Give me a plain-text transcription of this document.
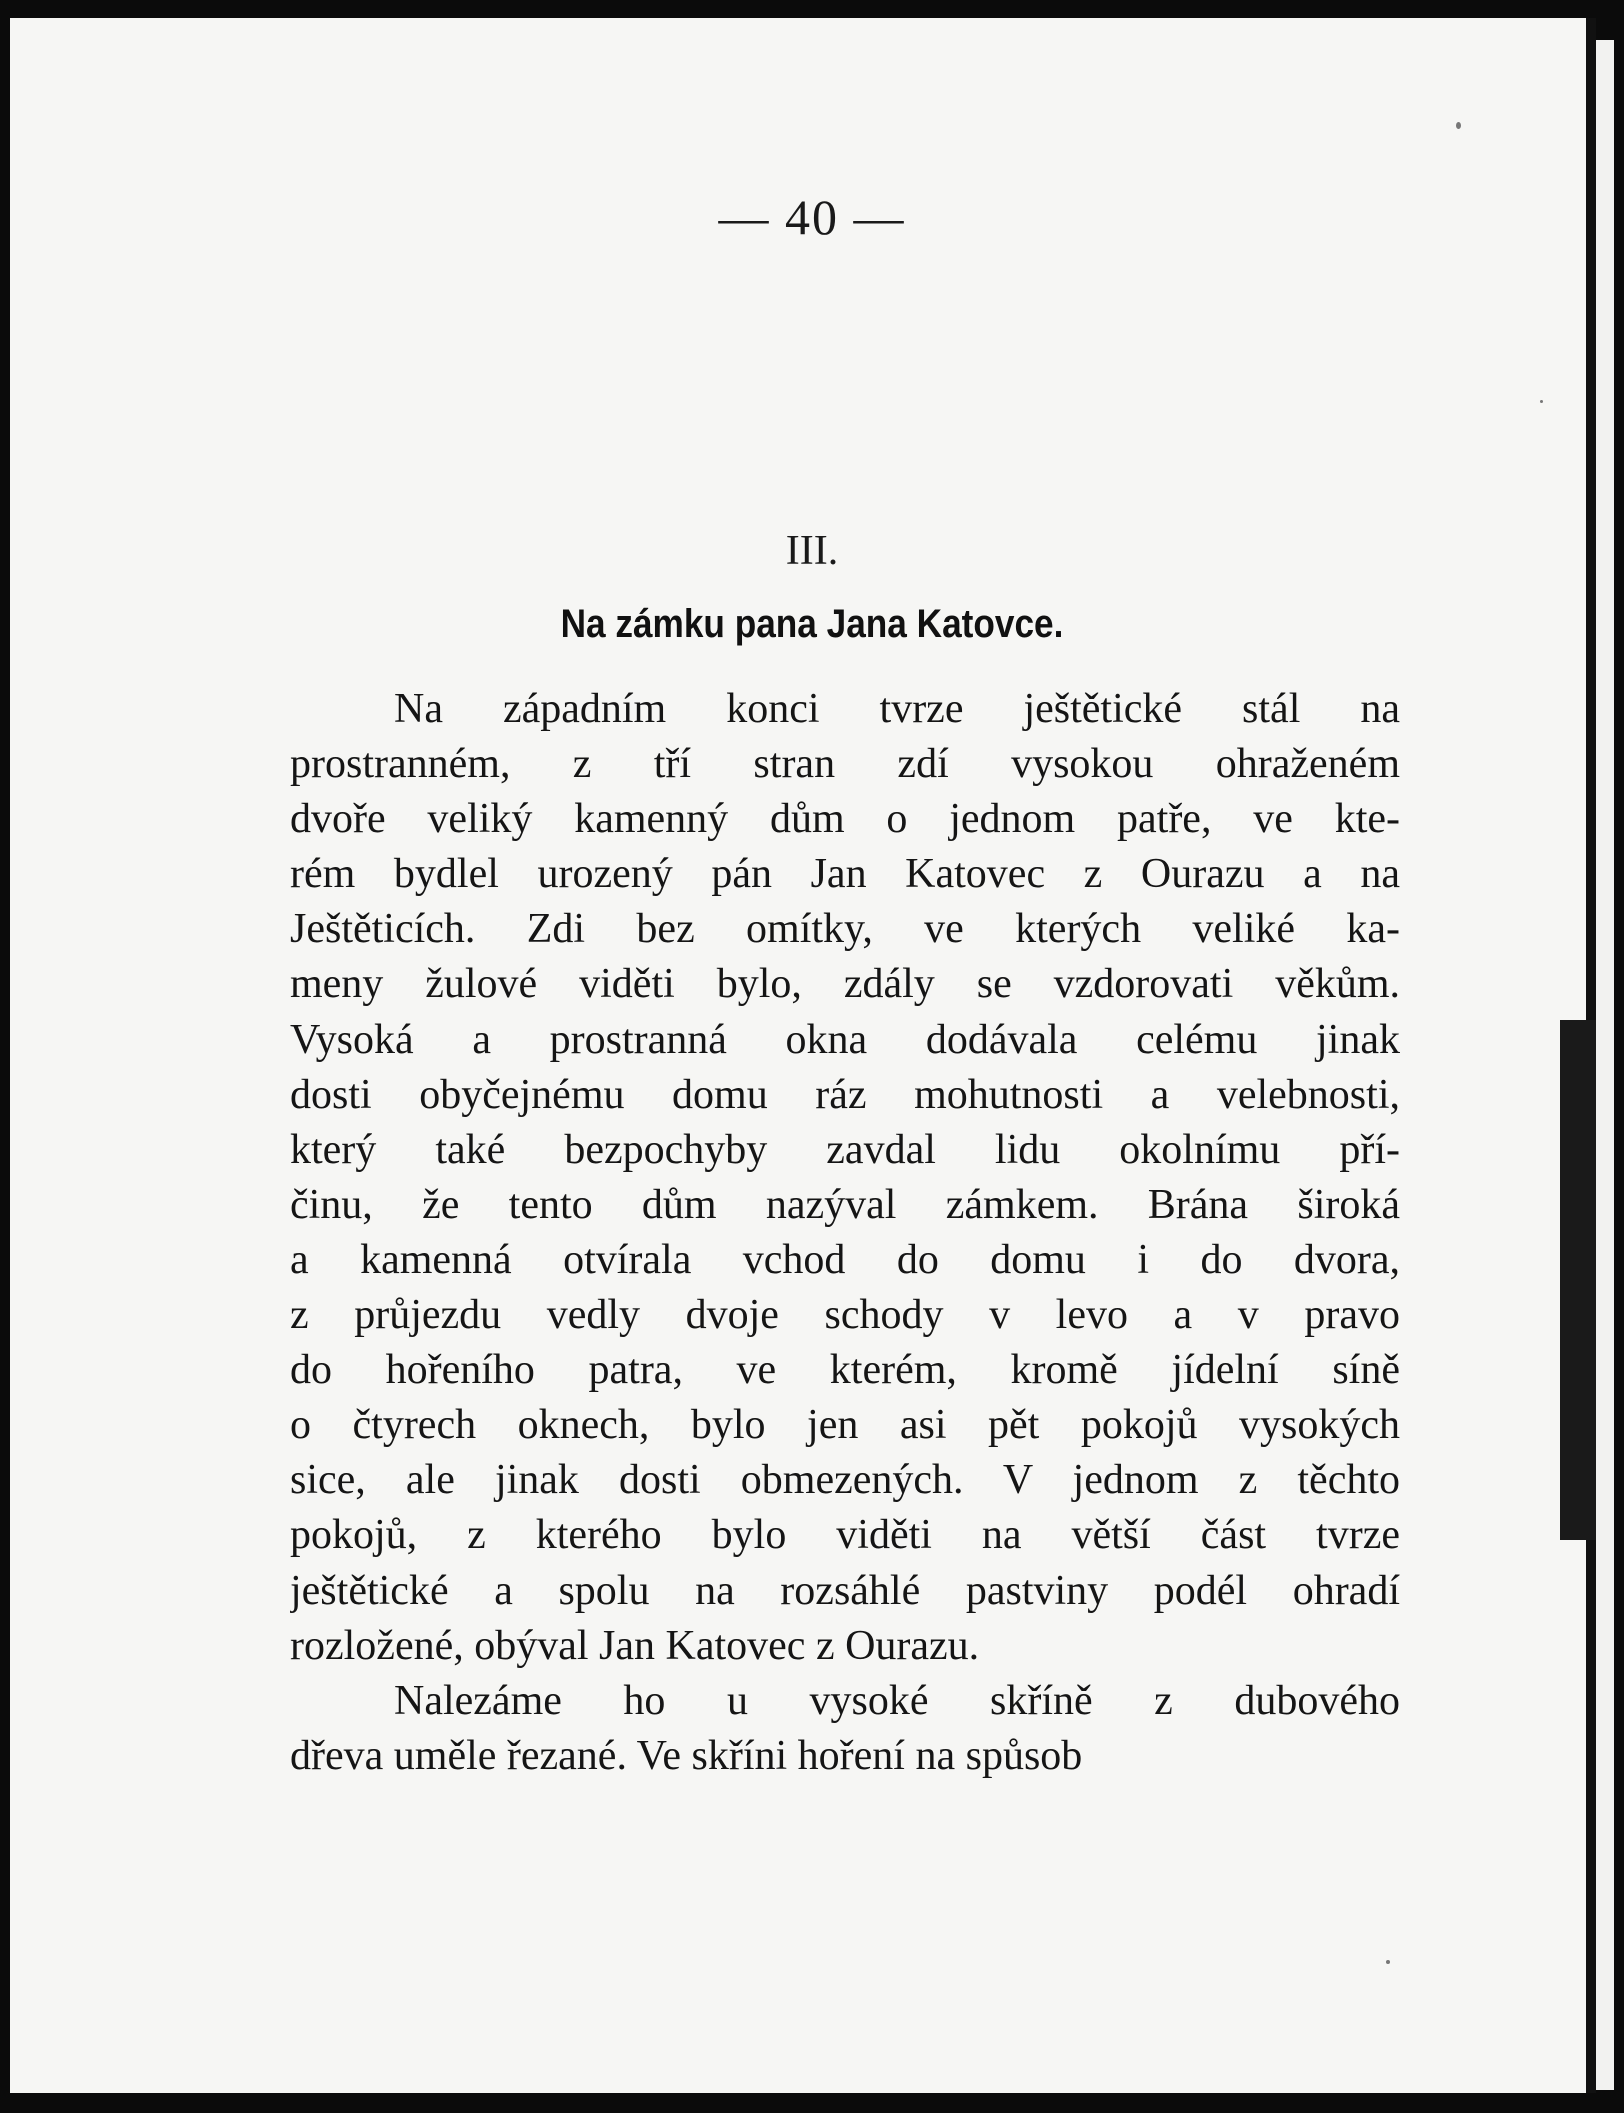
— 40 —
III.
Na zámku pana Jana Katovce.
Na západním konci tvrze ještětické stál na
prostranném, z tří stran zdí vysokou ohraženém
dvoře veliký kamenný dům o jednom patře, ve kte-
rém bydlel urozený pán Jan Katovec z Ourazu a na
Ještěticích. Zdi bez omítky, ve kterých veliké ka-
meny žulové viděti bylo, zdály se vzdorovati věkům.
Vysoká a prostranná okna dodávala celému jinak
dosti obyčejnému domu ráz mohutnosti a velebnosti,
který také bezpochyby zavdal lidu okolnímu pří-
činu, že tento dům nazýval zámkem. Brána široká
a kamenná otvírala vchod do domu i do dvora,
z průjezdu vedly dvoje schody v levo a v pravo
do hořeního patra, ve kterém, kromě jídelní síně
o čtyrech oknech, bylo jen asi pět pokojů vysokých
sice, ale jinak dosti obmezených. V jednom z těchto
pokojů, z kterého bylo viděti na větší část tvrze
ještětické a spolu na rozsáhlé pastviny podél ohradí
rozložené, obýval Jan Katovec z Ourazu.
Nalezáme ho u vysoké skříně z dubového
dřeva uměle řezané. Ve skříni hoření na spůsob
